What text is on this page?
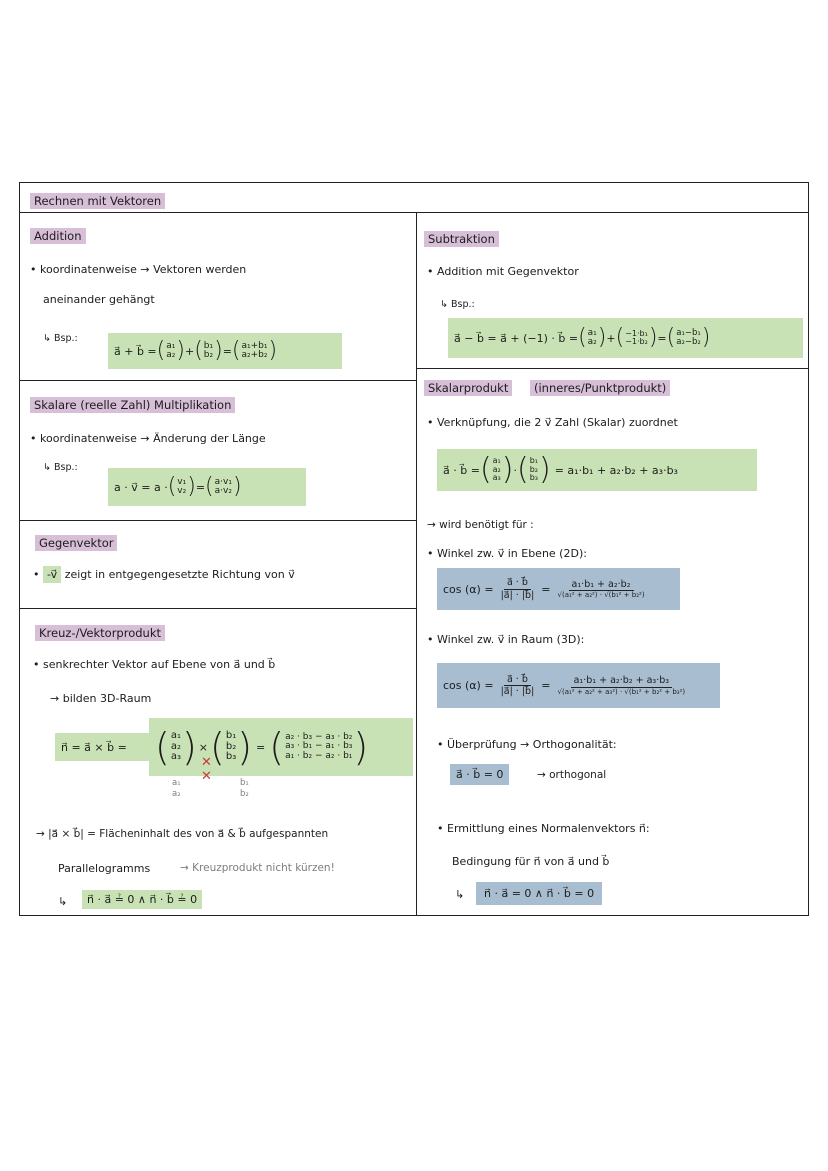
Rechnen mit Vektoren
Addition
• koordinatenweise → Vektoren werden
aneinander gehängt
↳ Bsp.:
a⃗ + b⃗ = ( a₁
a₂ ) + ( b₁
b₂ ) = ( a₁+b₁
a₂+b₂ )
Skalare (reelle Zahl) Multiplikation
• koordinatenweise → Änderung der Länge
↳ Bsp.:
a · v⃗ = a · ( v₁
v₂ ) = ( a·v₁
a·v₂ )
Gegenvektor
• -v⃗ zeigt in entgegengesetzte Richtung von v⃗
Kreuz-/Vektorprodukt
• senkrechter Vektor auf Ebene von a⃗ und b⃗
→ bilden 3D-Raum
n⃗ = a⃗ × b⃗ = ( a₁
a₂
a₃ ) × ( b₁
b₂
b₃ ) = ( a₂ · b₃ − a₃ · b₂
a₃ · b₁ − a₁ · b₃
a₁ · b₂ − a₂ · b₁ )
a₁
a₂
✕
✕	b₁
b₂
→ |a⃗ × b⃗| = Flächeninhalt des von a⃗ & b⃗ aufgespannten
Parallelogramms	→ Kreuzprodukt nicht kürzen!
↳	n⃗ · a⃗ ≟ 0 ∧ n⃗ · b⃗ ≟ 0
Subtraktion
• Addition mit Gegenvektor
↳ Bsp.:
a⃗ − b⃗ = a⃗ + (−1) · b⃗ = ( a₁
a₂ ) + ( −1·b₁
−1·b₂ ) = ( a₁−b₁
a₂−b₂ )
Skalarprodukt (inneres/Punktprodukt)
• Verknüpfung, die 2 v⃗ Zahl (Skalar) zuordnet
a⃗ · b⃗ = ( a₁
a₂
a₃ ) · ( b₁
b₂
b₃ ) = a₁·b₁ + a₂·b₂ + a₃·b₃
→ wird benötigt für :
• Winkel zw. v⃗ in Ebene (2D):
$\cos (\alpha) = \frac{a⃗ \cdot b⃗}{|a⃗| \cdot |b⃗|} = \frac{\text{a₁·b₁ + a₂·b₂}}{\text{√(a₁² + a₂²) · √(b₁² + b₂²)}}$
• Winkel zw. v⃗ in Raum (3D):
$\cos (\alpha) = \frac{a⃗ \cdot b⃗}{|a⃗| \cdot |b⃗|} = \frac{\text{a₁·b₁ + a₂·b₂ + a₃·b₃}}{\text{√(a₁² + a₂² + a₃²) · √(b₁² + b₂² + b₃²)}}$
• Überprüfung → Orthogonalität:
a⃗ · b⃗ = 0	→ orthogonal
• Ermittlung eines Normalenvektors n⃗:
Bedingung für n⃗ von a⃗ und b⃗
↳	n⃗ · a⃗ = 0 ∧ n⃗ · b⃗ = 0
